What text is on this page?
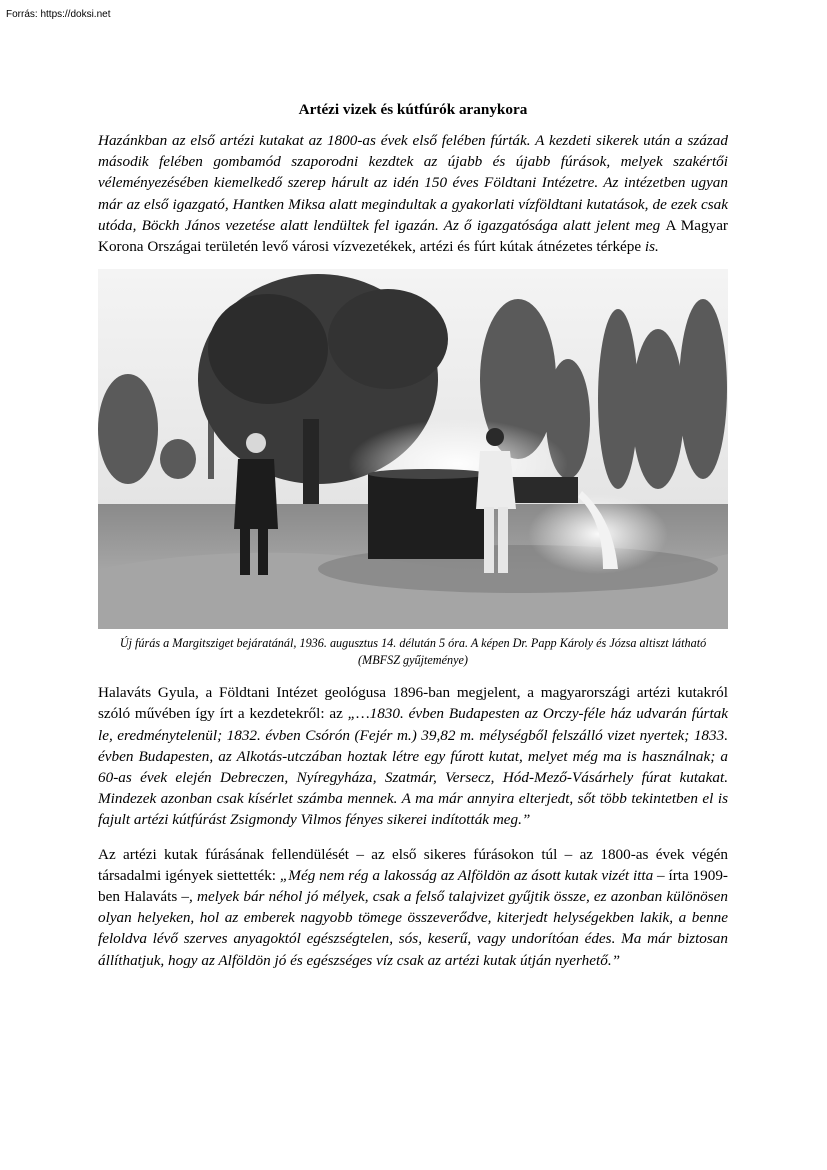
Forrás: https://doksi.net
Artézi vizek és kútfúrók aranykora

Hazánkban az első artézi kutakat az 1800-as évek első felében fúrták. A kezdeti sikerek után a század második felében gombamód szaporodni kezdtek az újabb és újabb fúrások, melyek szakértői véleményezésében kiemelkedő szerep hárult az idén 150 éves Földtani Intézetre. Az intézetben ugyan már az első igazgató, Hantken Miksa alatt megindultak a gyakorlati vízföldtani kutatások, de ezek csak utóda, Böckh János vezetése alatt lendültek fel igazán. Az ő igazgatósága alatt jelent meg A Magyar Korona Országai területén levő városi vízvezetékek, artézi és fúrt kútak átnézetes térképe is.

Új fúrás a Margitsziget bejáratánál, 1936. augusztus 14. délután 5 óra. A képen Dr. Papp Károly és Józsa altiszt látható (MBFSZ gyűjteménye)

Halaváts Gyula, a Földtani Intézet geológusa 1896-ban megjelent, a magyarországi artézi kutakról szóló művében így írt a kezdetekről: az „…1830. évben Budapesten az Orczy-féle ház udvarán fúrtak le, eredménytelenül; 1832. évben Csórón (Fejér m.) 39,82 m. mélységből felszálló vizet nyertek; 1833. évben Budapesten, az Alkotás-utczában hoztak létre egy fúrott kutat, melyet még ma is használnak; a 60-as évek elején Debreczen, Nyíregyháza, Szatmár, Versecz, Hód-Mező-Vásárhely fúrat kutakat. Mindezek azonban csak kísérlet számba mennek. A ma már annyira elterjedt, sőt több tekintetben el is fajult artézi kútfúrást Zsigmondy Vilmos fényes sikerei indították meg.”

Az artézi kutak fúrásának fellendülését – az első sikeres fúrásokon túl – az 1800-as évek végén társadalmi igények siettették: „Még nem rég a lakosság az Alföldön az ásott kutak vizét itta – írta 1909-ben Halaváts –, melyek bár néhol jó mélyek, csak a felső talajvizet gyűjtik össze, ez azonban különösen olyan helyeken, hol az emberek nagyobb tömege összeverődve, kiterjedt helységekben lakik, a benne feloldva lévő szerves anyagoktól egészségtelen, sós, keserű, vagy undorítóan édes. Ma már biztosan állíthatjuk, hogy az Alföldön jó és egészséges víz csak az artézi kutak útján nyerhető.”
